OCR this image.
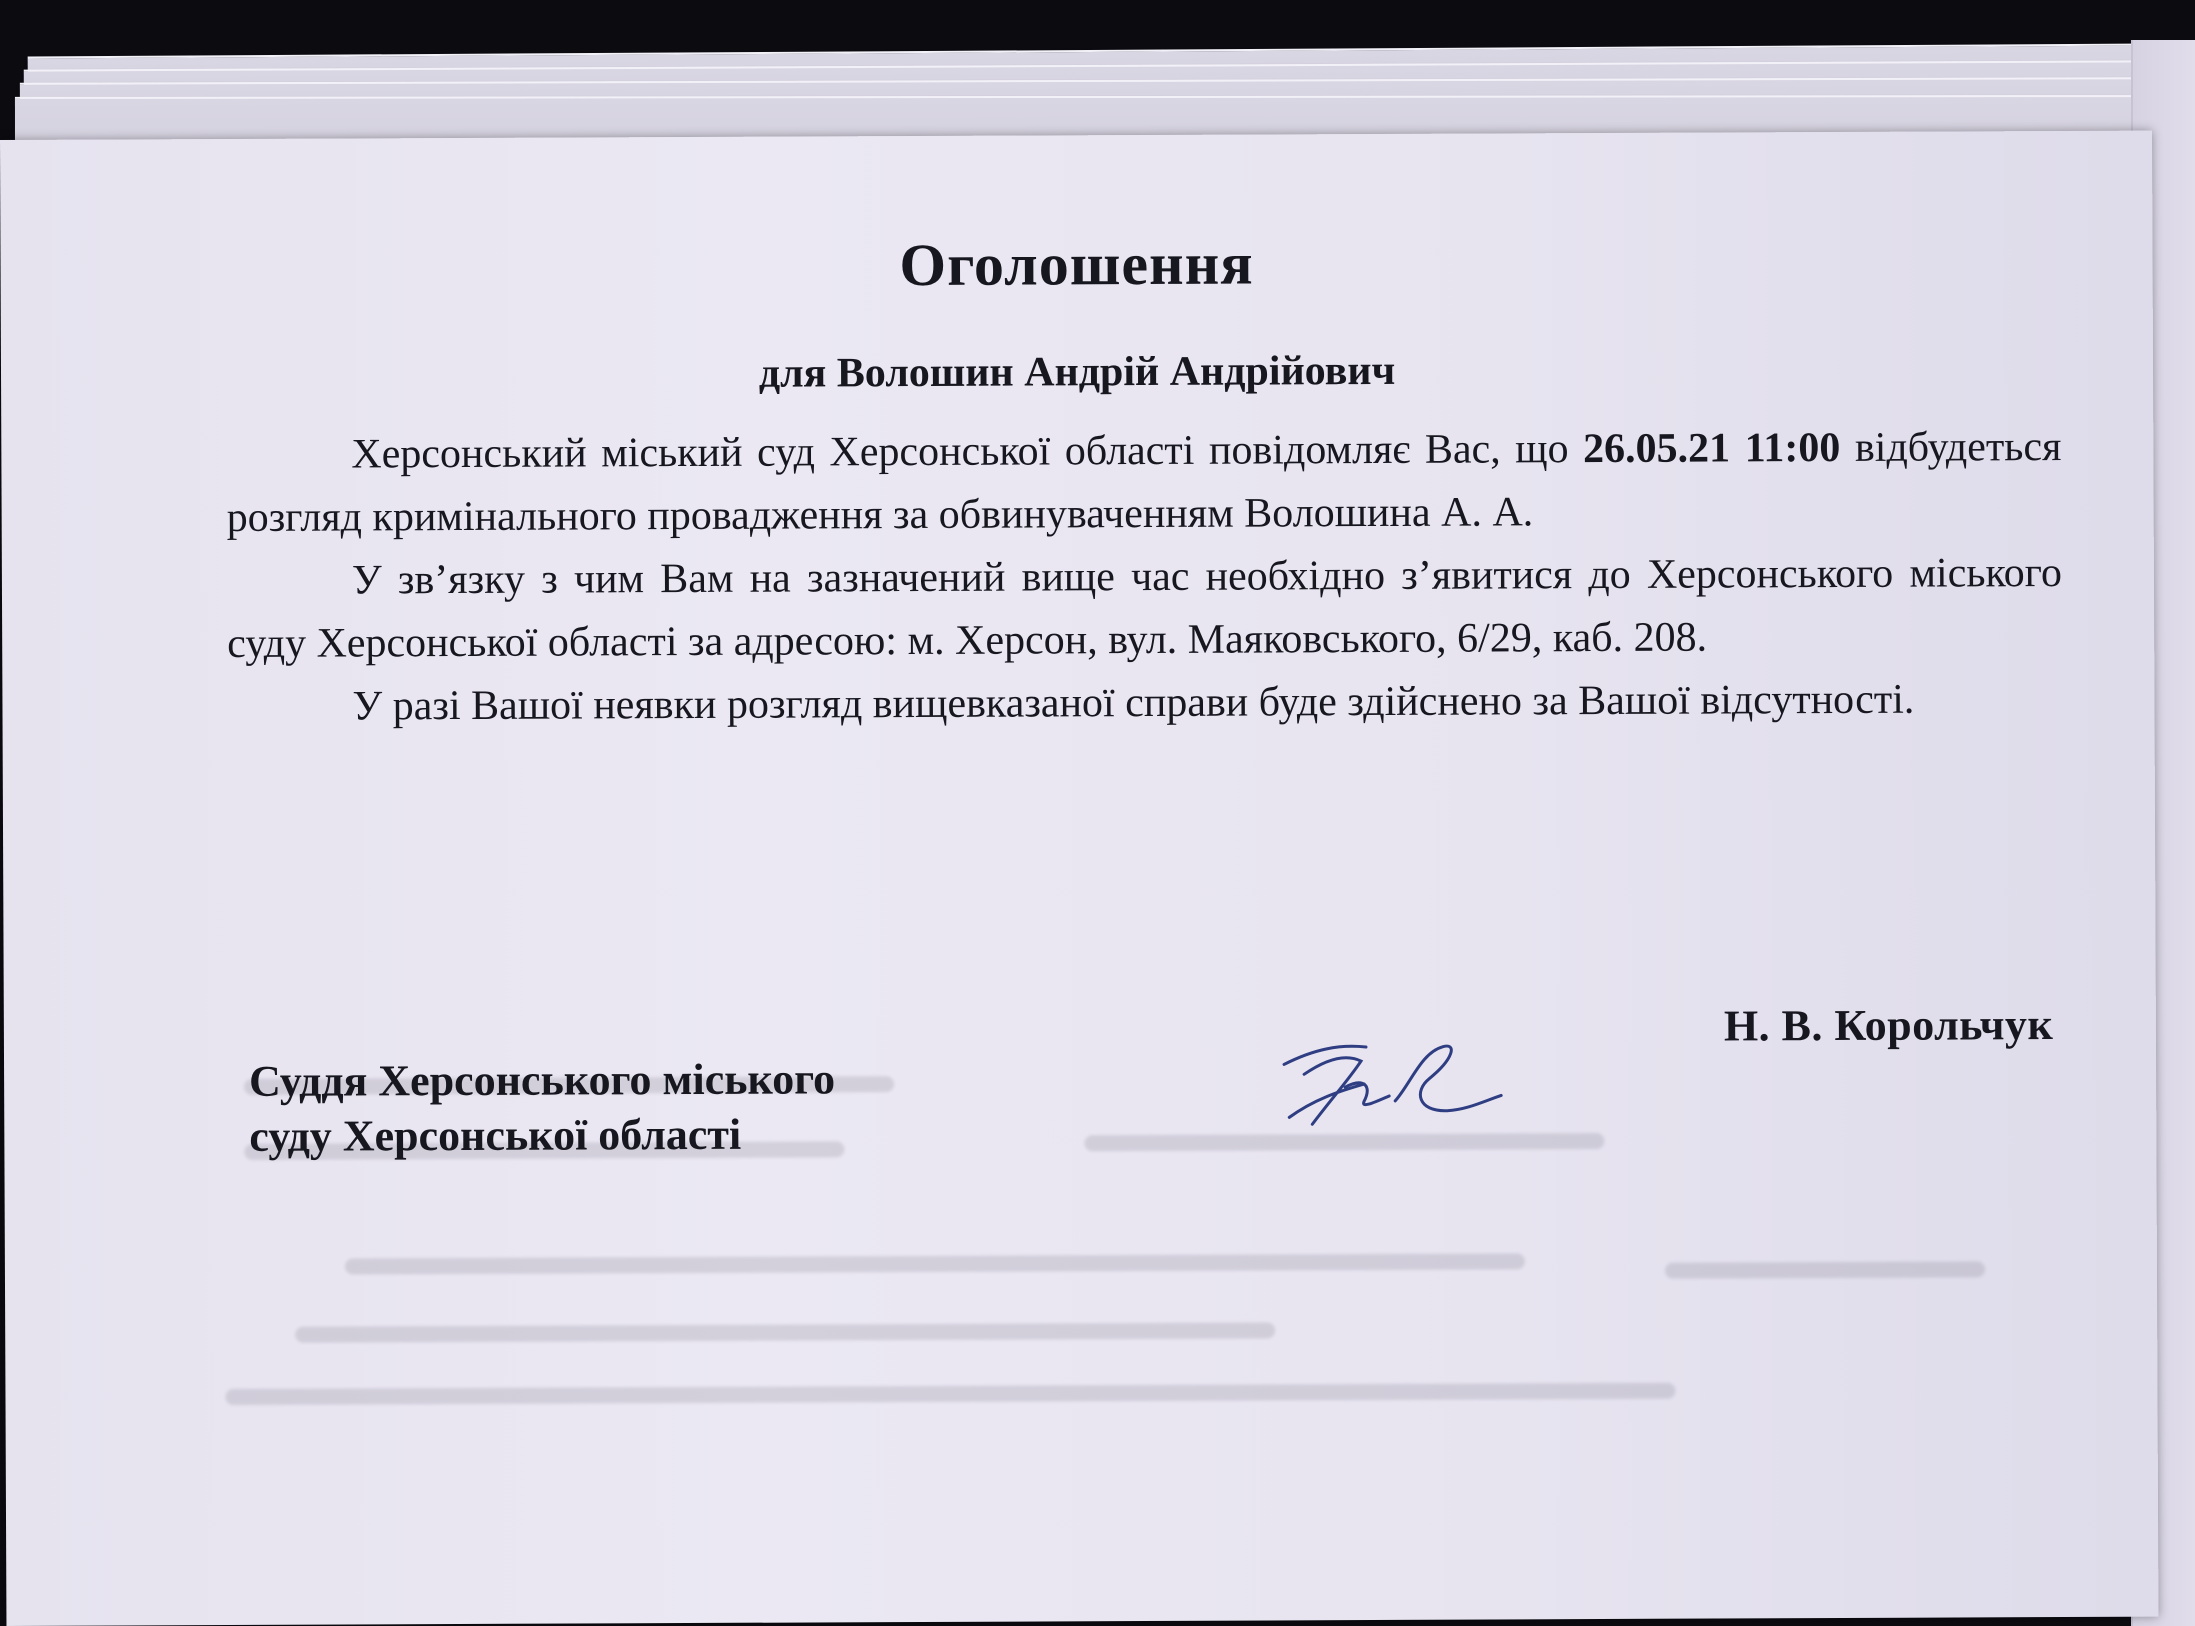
Оголошення
для Волошин Андрій Андрійович

Херсонський міський суд Херсонської області повідомляє Вас, що 26.05.21 11:00 відбудеться розгляд кримінального провадження за обвинуваченням Волошина А. А.

У зв’язку з чим Вам на зазначений вище час необхідно з’явитися до Херсонського міського суду Херсонської області за адресою: м. Херсон, вул. Маяковського, 6/29, каб. 208.

У разі Вашої неявки розгляд вищевказаної справи буде здійснено за Вашої відсутності.

Суддя Херсонського міського
суду Херсонської області
Н. В. Корольчук
